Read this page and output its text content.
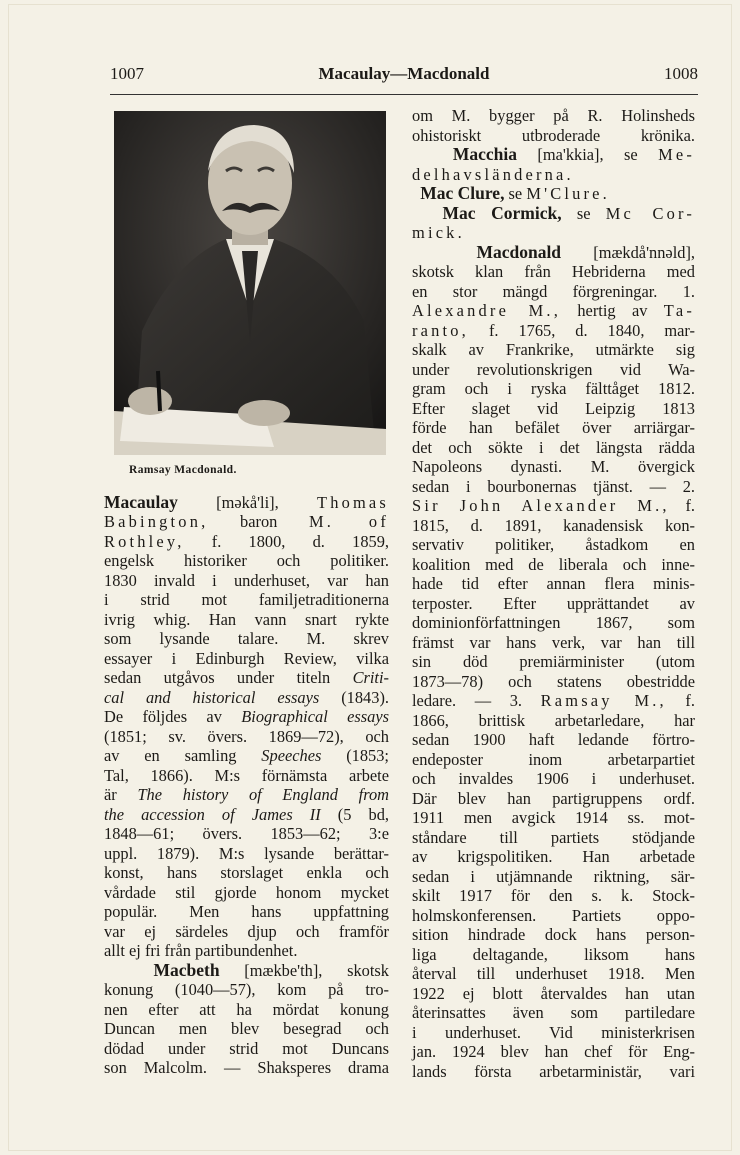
1007	Macaulay—Macdonald	1008
Ramsay Macdonald.
Macaulay [məkå'li], Thomas
Babington, baron M. of
Rothley, f. 1800, d. 1859,
engelsk historiker och politiker.
1830 invald i underhuset, var han
i strid mot familjetraditionerna
ivrig whig. Han vann snart rykte
som lysande talare. M. skrev
essayer i Edinburgh Review, vilka
sedan utgåvos under titeln Criti-
cal and historical essays (1843).
De följdes av Biographical essays
(1851; sv. övers. 1869—72), och
av en samling Speeches (1853;
Tal, 1866). M:s förnämsta arbete
är The history of England from
the accession of James II (5 bd,
1848—61; övers. 1853—62; 3:e
uppl. 1879). M:s lysande berättar-
konst, hans storslaget enkla och
vårdade stil gjorde honom mycket
populär. Men hans uppfattning
var ej särdeles djup och framför
allt ej fri från partibundenhet.
Macbeth [mækbe'th], skotsk
konung (1040—57), kom på tro-
nen efter att ha mördat konung
Duncan men blev besegrad och
dödad under strid mot Duncans
son Malcolm. — Shaksperes drama
om M. bygger på R. Holinsheds
ohistoriskt utbroderade krönika.
Macchia [ma'kkia], se Me-
delhavsländerna.
Mac Clure, se M'Clure.
Mac Cormick, se Mc Cor-
mick.
Macdonald [mækdå'nnəld],
skotsk klan från Hebriderna med
en stor mängd förgreningar. 1.
Alexandre M., hertig av Ta-
ranto, f. 1765, d. 1840, mar-
skalk av Frankrike, utmärkte sig
under revolutionskrigen vid Wa-
gram och i ryska fälttåget 1812.
Efter slaget vid Leipzig 1813
förde han befälet över arriärgar-
det och sökte i det längsta rädda
Napoleons dynasti. M. övergick
sedan i bourbonernas tjänst. — 2.
Sir John Alexander M., f.
1815, d. 1891, kanadensisk kon-
servativ politiker, åstadkom en
koalition med de liberala och inne-
hade tid efter annan flera minis-
terposter. Efter upprättandet av
dominionförfattningen 1867, som
främst var hans verk, var han till
sin död premiärminister (utom
1873—78) och statens obestridde
ledare. — 3. Ramsay M., f.
1866, brittisk arbetarledare, har
sedan 1900 haft ledande förtro-
endeposter inom arbetarpartiet
och invaldes 1906 i underhuset.
Där blev han partigruppens ordf.
1911 men avgick 1914 ss. mot-
ståndare till partiets stödjande
av krigspolitiken. Han arbetade
sedan i utjämnande riktning, sär-
skilt 1917 för den s. k. Stock-
holmskonferensen. Partiets oppo-
sition hindrade dock hans person-
liga deltagande, liksom hans
återval till underhuset 1918. Men
1922 ej blott återvaldes han utan
återinsattes även som partiledare
i underhuset. Vid ministerkrisen
jan. 1924 blev han chef för Eng-
lands första arbetarministär, vari
